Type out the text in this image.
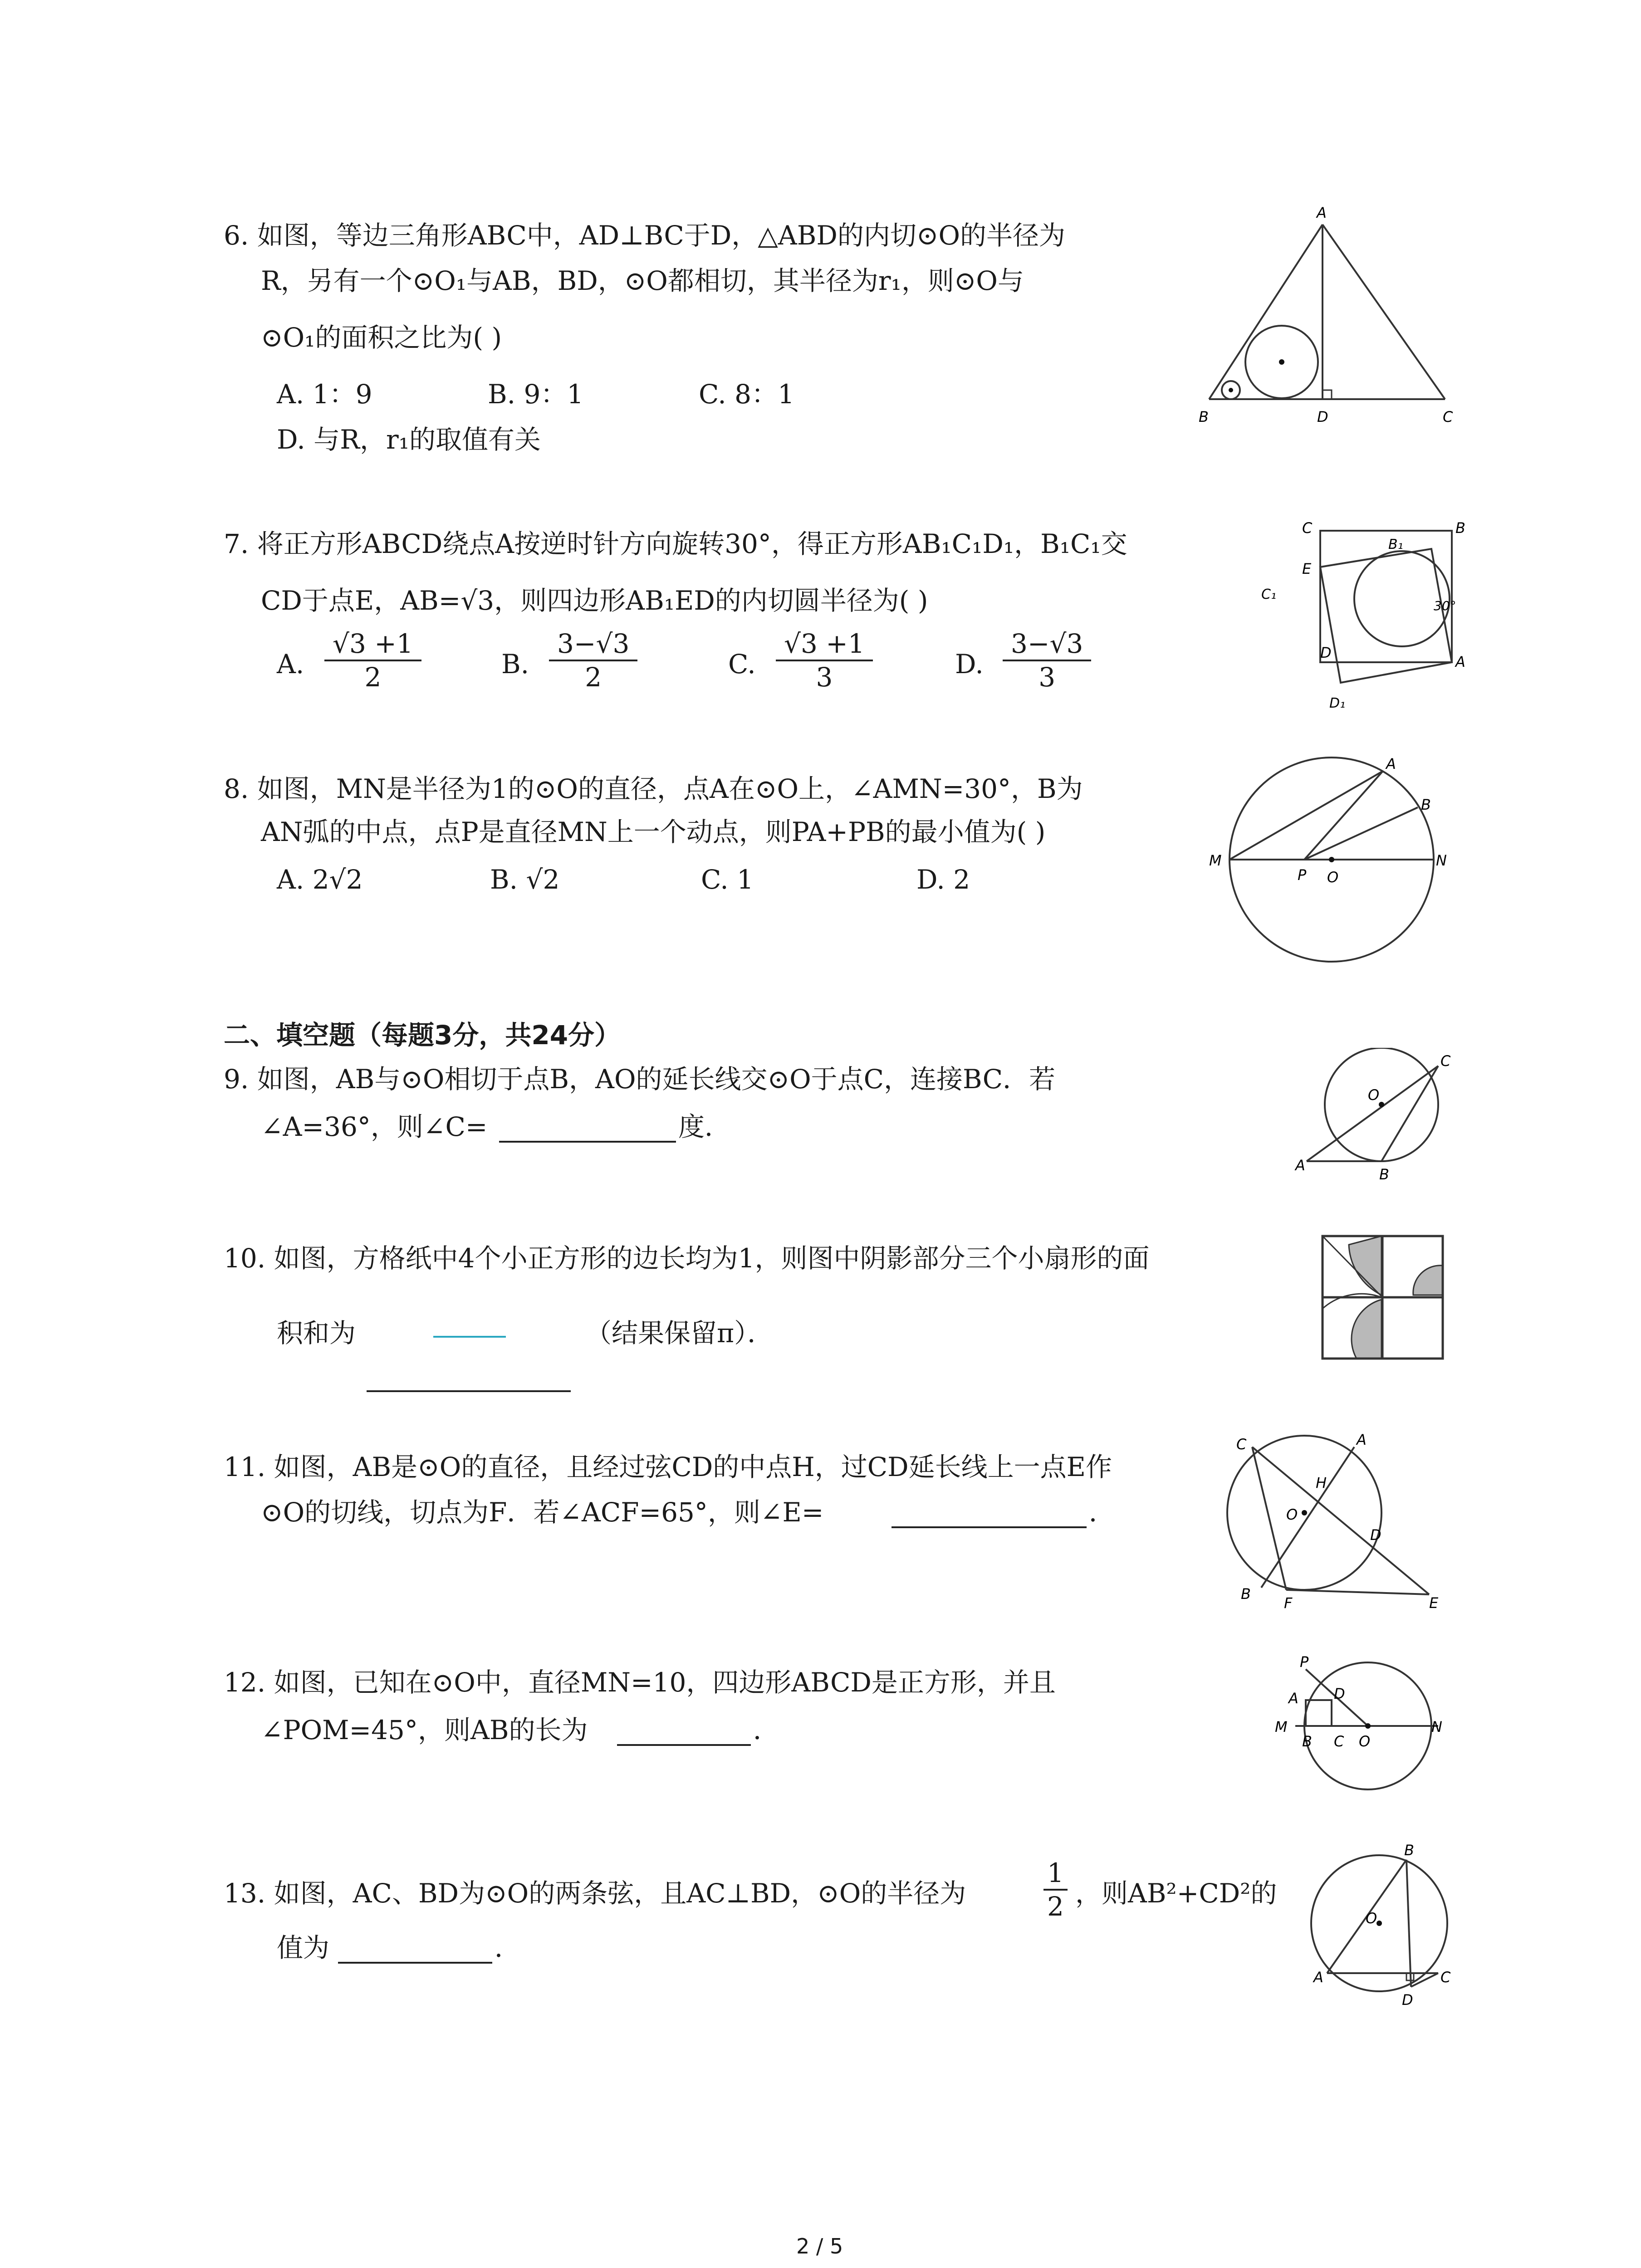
6. 如图，等边三角形ABC中，AD⊥BC于D，△ABD的内切⊙O的半径为
R，另有一个⊙O₁与AB，BD，⊙O都相切，其半径为r₁，则⊙O与
⊙O₁的面积之比为( )
A. 1：9	B. 9：1	C. 8：1
D. 与R，r₁的取值有关
A
B	C
D
7. 将正方形ABCD绕点A按逆时针方向旋转30°，得正方形AB₁C₁D₁，B₁C₁交
CD于点E，AB=√3，则四边形AB₁ED的内切圆半径为( )
A. $\frac{√3 +1}{2}$	B. $\frac{3-√3}{2}$	C. $\frac{√3 +1}{3}$	D. $\frac{3-√3}{3}$
C	B
B₁
E
C₁
30°
D
A
D₁
8. 如图，MN是半径为1的⊙O的直径，点A在⊙O上，∠AMN=30°，B为
AN弧的中点，点P是直径MN上一个动点，则PA+PB的最小值为( )
A. 2√2	B. √2	C. 1	D. 2
A
B
M
P O
N
二、填空题（每题3分，共24分）
9. 如图，AB与⊙O相切于点B，AO的延长线交⊙O于点C，连接BC．若
∠A=36°，则∠C=	度．
O
C
A
B
10. 如图，方格纸中4个小正方形的边长均为1，则图中阴影部分三个小扇形的面
积和为	（结果保留π）．
11. 如图，AB是⊙O的直径，且经过弦CD的中点H，过CD延长线上一点E作
⊙O的切线，切点为F．若∠ACF=65°，则∠E=	．
C	A
H
O
D
B
F	E
12. 如图，已知在⊙O中，直径MN=10，四边形ABCD是正方形，并且
∠POM=45°，则AB的长为	．
P
A D
M
B C O
N
13. 如图，AC、BD为⊙O的两条弦，且AC⊥BD，⊙O的半径为	$\frac{1}{2}$ ，则AB²+CD²的
值为	．
B
O
A	C
D
2 / 5
